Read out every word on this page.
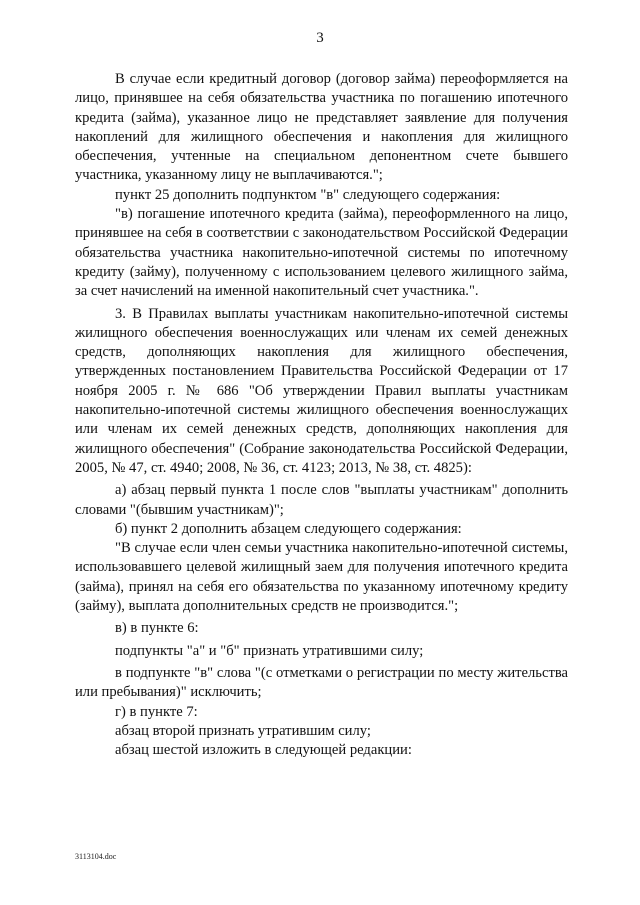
3

В случае если кредитный договор (договор займа) переоформляется на лицо, принявшее на себя обязательства участника по погашению ипотечного кредита (займа), указанное лицо не представляет заявление для получения накоплений для жилищного обеспечения и накопления для жилищного обеспечения, учтенные на специальном депонентном счете бывшего участника, указанному лицу не выплачиваются.";

пункт 25 дополнить подпунктом "в" следующего содержания:

"в) погашение ипотечного кредита (займа), переоформленного на лицо, принявшее на себя в соответствии с законодательством Российской Федерации обязательства участника накопительно-ипотечной системы по ипотечному кредиту (займу), полученному с использованием целевого жилищного займа, за счет начислений на именной накопительный счет участника.".

3. В Правилах выплаты участникам накопительно-ипотечной системы жилищного обеспечения военнослужащих или членам их семей денежных средств, дополняющих накопления для жилищного обеспечения, утвержденных постановлением Правительства Российской Федерации от 17 ноября 2005 г. № 686 "Об утверждении Правил выплаты участникам накопительно-ипотечной системы жилищного обеспечения военнослужащих или членам их семей денежных средств, дополняющих накопления для жилищного обеспечения" (Собрание законодательства Российской Федерации, 2005, № 47, ст. 4940; 2008, № 36, ст. 4123; 2013, № 38, ст. 4825):

а) абзац первый пункта 1 после слов "выплаты участникам" дополнить словами "(бывшим участникам)";

б) пункт 2 дополнить абзацем следующего содержания:

"В случае если член семьи участника накопительно-ипотечной системы, использовавшего целевой жилищный заем для получения ипотечного кредита (займа), принял на себя его обязательства по указанному ипотечному кредиту (займу), выплата дополнительных средств не производится.";

в) в пункте 6:

подпункты "а" и "б" признать утратившими силу;

в подпункте "в" слова "(с отметками о регистрации по месту жительства или пребывания)" исключить;

г) в пункте 7:

абзац второй признать утратившим силу;

абзац шестой изложить в следующей редакции:

3113104.doc
